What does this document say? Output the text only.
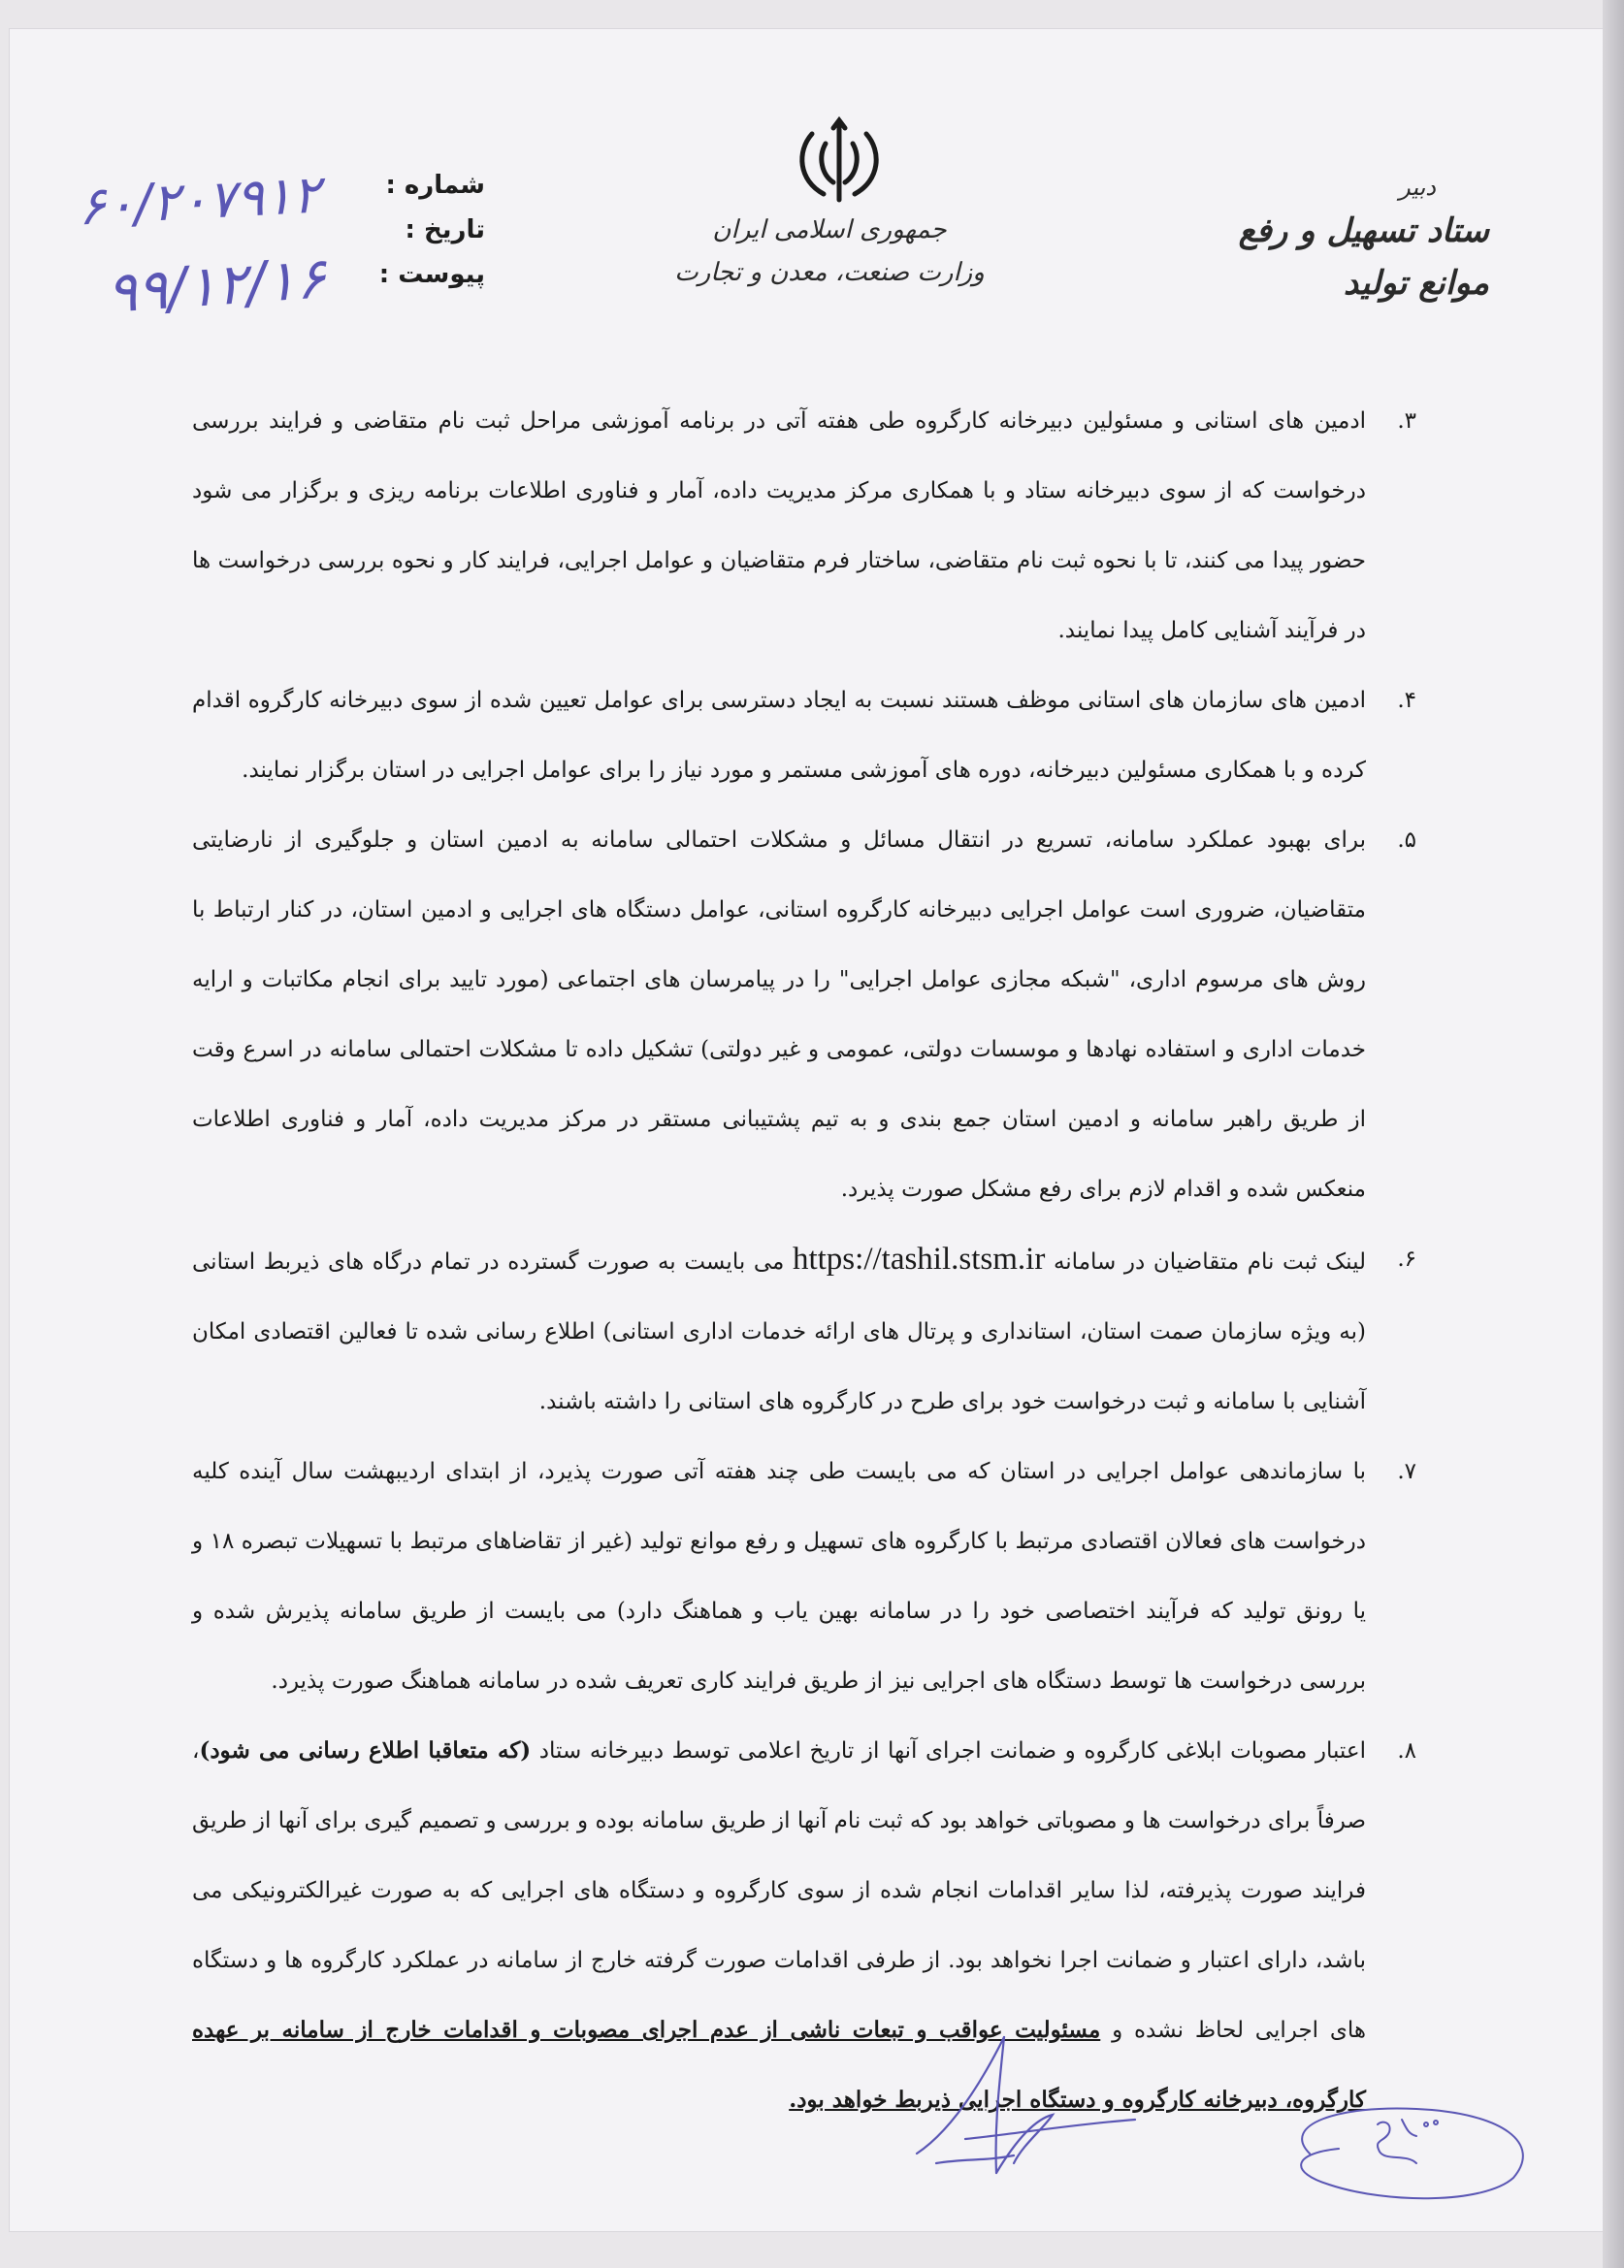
جمهوری اسلامی ایران
وزارت صنعت، معدن و تجارت
دبیر
ستاد تسهیل و رفع موانع تولید
شماره :
تاریخ :
پیوست :
۶۰/۲۰۷۹۱۲
۹۹/۱۲/۱۶

۳.
ادمین های استانی و مسئولین دبیرخانه کارگروه طی هفته آتی در برنامه آموزشی مراحل ثبت نام متقاضی و فرایند بررسی درخواست که از سوی دبیرخانه ستاد و با همکاری مرکز مدیریت داده، آمار و فناوری اطلاعات برنامه ریزی و برگزار می شود حضور پیدا می کنند، تا با نحوه ثبت نام متقاضی، ساختار فرم متقاضیان و عوامل اجرایی، فرایند کار و نحوه بررسی درخواست ها در فرآیند آشنایی کامل پیدا نمایند.

۴.
ادمین های سازمان های استانی موظف هستند نسبت به ایجاد دسترسی برای عوامل تعیین شده از سوی دبیرخانه کارگروه اقدام کرده و با همکاری مسئولین دبیرخانه، دوره های آموزشی مستمر و مورد نیاز را برای عوامل اجرایی در استان برگزار نمایند.

۵.
برای بهبود عملکرد سامانه، تسریع در انتقال مسائل و مشکلات احتمالی سامانه به ادمین استان و جلوگیری از نارضایتی متقاضیان، ضروری است عوامل اجرایی دبیرخانه کارگروه استانی، عوامل دستگاه های اجرایی و ادمین استان، در کنار ارتباط با روش های مرسوم اداری، "شبکه مجازی عوامل اجرایی" را در پیامرسان های اجتماعی (مورد تایید برای انجام مکاتبات و ارایه خدمات اداری و استفاده نهادها و موسسات دولتی، عمومی و غیر دولتی) تشکیل داده تا مشکلات احتمالی سامانه در اسرع وقت از طریق راهبر سامانه و ادمین استان جمع بندی و به تیم پشتیبانی مستقر در مرکز مدیریت داده، آمار و فناوری اطلاعات منعکس شده و اقدام لازم برای رفع مشکل صورت پذیرد.

۶.
لینک ثبت نام متقاضیان در سامانه https://tashil.stsm.ir می بایست به صورت گسترده در تمام درگاه های ذیربط استانی (به ویژه سازمان صمت استان، استانداری و پرتال های ارائه خدمات اداری استانی) اطلاع رسانی شده تا فعالین اقتصادی امکان آشنایی با سامانه و ثبت درخواست خود برای طرح در کارگروه های استانی را داشته باشند.

۷.
با سازماندهی عوامل اجرایی در استان که می بایست طی چند هفته آتی صورت پذیرد، از ابتدای اردیبهشت سال آینده کلیه درخواست های فعالان اقتصادی مرتبط با کارگروه های تسهیل و رفع موانع تولید (غیر از تقاضاهای مرتبط با تسهیلات تبصره ۱۸ و یا رونق تولید که فرآیند اختصاصی خود را در سامانه بهین یاب و هماهنگ دارد) می بایست از طریق سامانه پذیرش شده و بررسی درخواست ها توسط دستگاه های اجرایی نیز از طریق فرایند کاری تعریف شده در سامانه هماهنگ صورت پذیرد.

۸.
اعتبار مصوبات ابلاغی کارگروه و ضمانت اجرای آنها از تاریخ اعلامی توسط دبیرخانه ستاد (که متعاقبا اطلاع رسانی می شود)، صرفاً برای درخواست ها و مصوباتی خواهد بود که ثبت نام آنها از طریق سامانه بوده و بررسی و تصمیم گیری برای آنها از طریق فرایند صورت پذیرفته، لذا سایر اقدامات انجام شده از سوی کارگروه و دستگاه های اجرایی که به صورت غیرالکترونیکی می باشد، دارای اعتبار و ضمانت اجرا نخواهد بود. از طرفی اقدامات صورت گرفته خارج از سامانه در عملکرد کارگروه ها و دستگاه های اجرایی لحاظ نشده و مسئولیت عواقب و تبعات ناشی از عدم اجرای مصوبات و اقدامات خارج از سامانه بر عهده کارگروه، دبیرخانه کارگروه و دستگاه اجرایی ذیربط خواهد بود.
